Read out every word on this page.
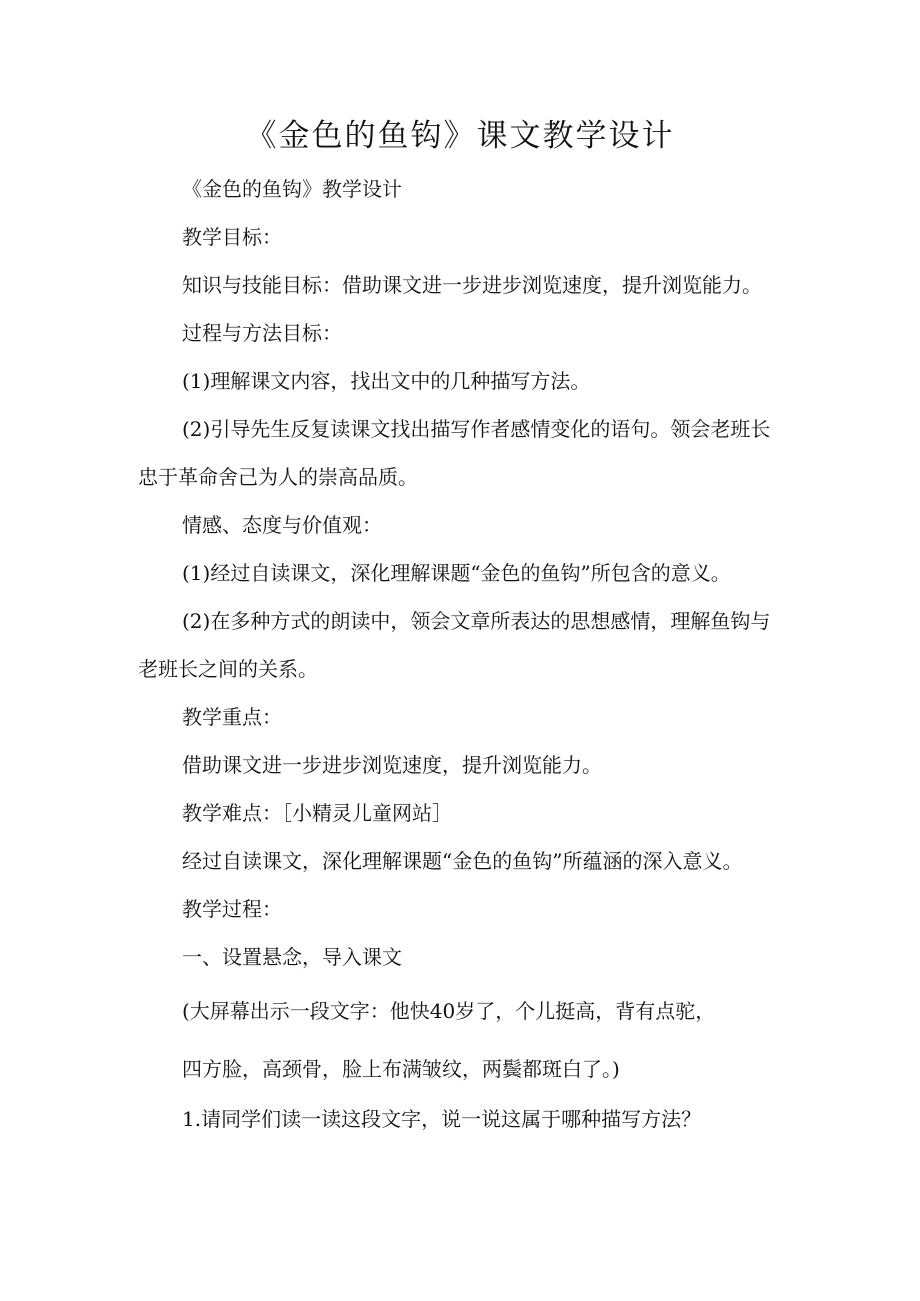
《金色的鱼钩》课文教学设计
《金色的鱼钩》教学设计
教学目标：
知识与技能目标：借助课文进一步进步浏览速度，提升浏览能力。
过程与方法目标：
(1)理解课文内容，找出文中的几种描写方法。
(2)引导先生反复读课文找出描写作者感情变化的语句。领会老班长
忠于革命舍己为人的崇高品质。
情感、态度与价值观：
(1)经过自读课文，深化理解课题“金色的鱼钩”所包含的意义。
(2)在多种方式的朗读中，领会文章所表达的思想感情，理解鱼钩与
老班长之间的关系。
教学重点：
借助课文进一步进步浏览速度，提升浏览能力。
教学难点：［小精灵儿童网站］
经过自读课文，深化理解课题“金色的鱼钩”所蕴涵的深入意义。
教学过程：
一、设置悬念，导入课文
(大屏幕出示一段文字：他快40岁了，个儿挺高，背有点驼，
四方脸，高颈骨，脸上布满皱纹，两鬓都斑白了。)
1.请同学们读一读这段文字，说一说这属于哪种描写方法？
